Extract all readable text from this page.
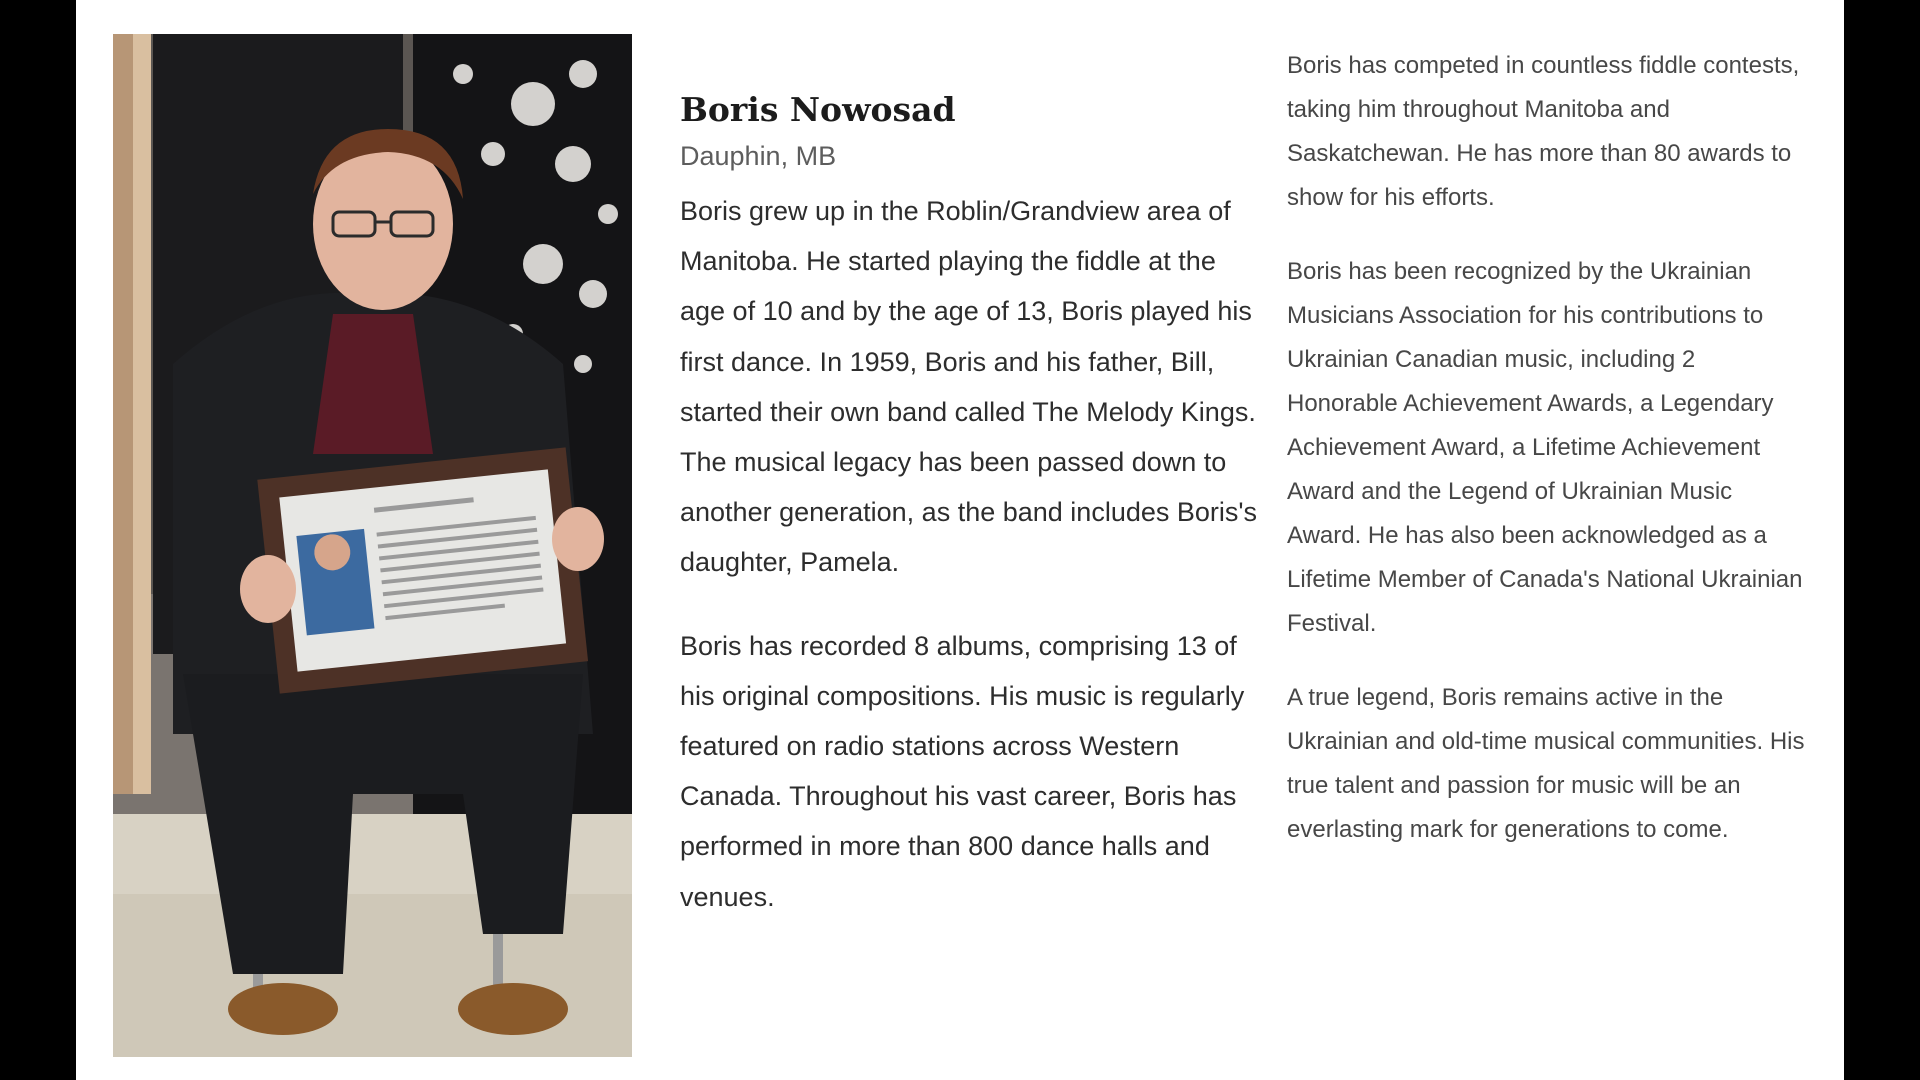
Boris Nowosad
Dauphin, MB

Boris grew up in the Roblin/Grandview area of Manitoba. He started playing the fiddle at the age of 10 and by the age of 13, Boris played his first dance. In 1959, Boris and his father, Bill, started their own band called The Melody Kings. The musical legacy has been passed down to another generation, as the band includes Boris's daughter, Pamela.

Boris has recorded 8 albums, comprising 13 of his original compositions. His music is regularly featured on radio stations across Western Canada. Throughout his vast career, Boris has performed in more than 800 dance halls and venues.

Boris has competed in countless fiddle contests, taking him throughout Manitoba and Saskatchewan. He has more than 80 awards to show for his efforts.

Boris has been recognized by the Ukrainian Musicians Association for his contributions to Ukrainian Canadian music, including 2 Honorable Achievement Awards, a Legendary Achievement Award, a Lifetime Achievement Award and the Legend of Ukrainian Music Award. He has also been acknowledged as a Lifetime Member of Canada's National Ukrainian Festival.

A true legend, Boris remains active in the Ukrainian and old-time musical communities. His true talent and passion for music will be an everlasting mark for generations to come.
